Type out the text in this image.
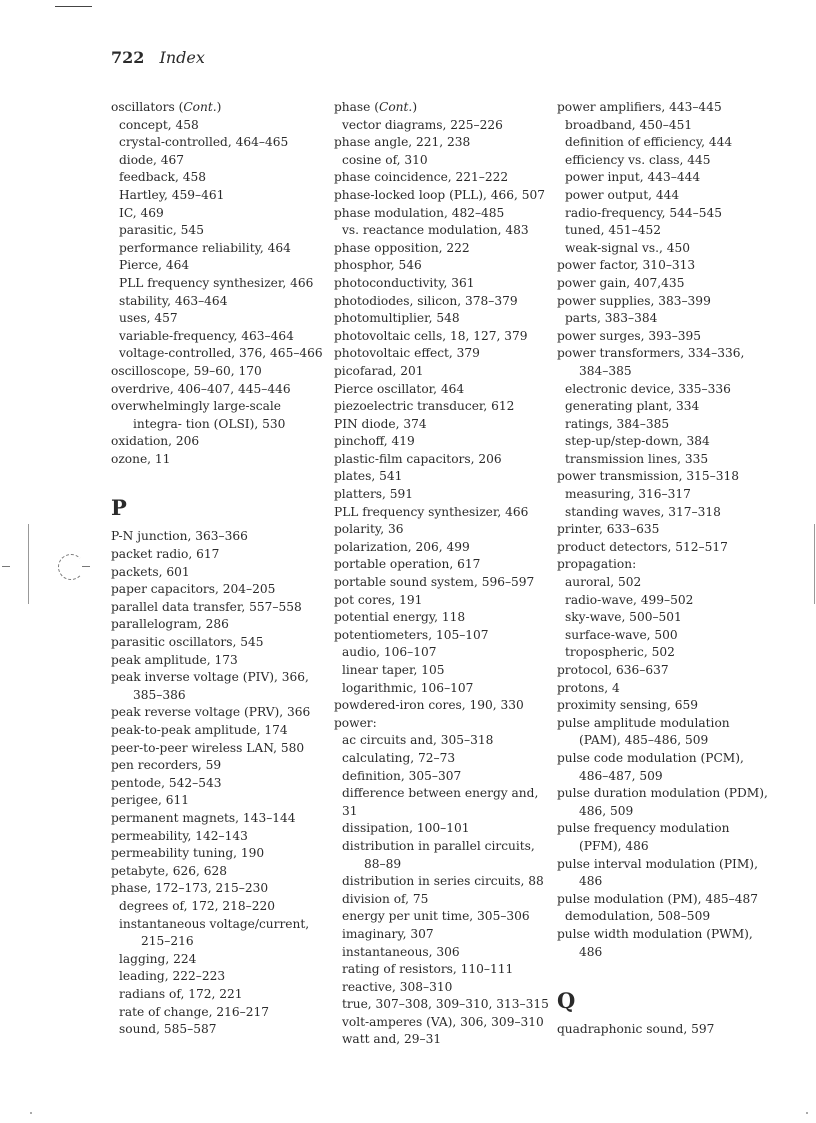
722 Index

oscillators (Cont.)

concept, 458

crystal-controlled, 464–465

diode, 467

feedback, 458

Hartley, 459–461

IC, 469

parasitic, 545

performance reliability, 464

Pierce, 464

PLL frequency synthesizer, 466

stability, 463–464

uses, 457

variable-frequency, 463–464

voltage-controlled, 376, 465–466

oscilloscope, 59–60, 170

overdrive, 406–407, 445–446

overwhelmingly large-scale integra- tion (OLSI), 530

oxidation, 206

ozone, 11

P

P-N junction, 363–366

packet radio, 617

packets, 601

paper capacitors, 204–205

parallel data transfer, 557–558

parallelogram, 286

parasitic oscillators, 545

peak amplitude, 173

peak inverse voltage (PIV), 366, 385–386

peak reverse voltage (PRV), 366

peak-to-peak amplitude, 174

peer-to-peer wireless LAN, 580

pen recorders, 59

pentode, 542–543

perigee, 611

permanent magnets, 143–144

permeability, 142–143

permeability tuning, 190

petabyte, 626, 628

phase, 172–173, 215–230

degrees of, 172, 218–220

instantaneous voltage/current, 215–216

lagging, 224

leading, 222–223

radians of, 172, 221

rate of change, 216–217

sound, 585–587

phase (Cont.)

vector diagrams, 225–226

phase angle, 221, 238

cosine of, 310

phase coincidence, 221–222

phase-locked loop (PLL), 466, 507

phase modulation, 482–485

vs. reactance modulation, 483

phase opposition, 222

phosphor, 546

photoconductivity, 361

photodiodes, silicon, 378–379

photomultiplier, 548

photovoltaic cells, 18, 127, 379

photovoltaic effect, 379

picofarad, 201

Pierce oscillator, 464

piezoelectric transducer, 612

PIN diode, 374

pinchoff, 419

plastic-film capacitors, 206

plates, 541

platters, 591

PLL frequency synthesizer, 466

polarity, 36

polarization, 206, 499

portable operation, 617

portable sound system, 596–597

pot cores, 191

potential energy, 118

potentiometers, 105–107

audio, 106–107

linear taper, 105

logarithmic, 106–107

powdered-iron cores, 190, 330

power:

ac circuits and, 305–318

calculating, 72–73

definition, 305–307

difference between energy and, 31

dissipation, 100–101

distribution in parallel circuits, 88–89

distribution in series circuits, 88

division of, 75

energy per unit time, 305–306

imaginary, 307

instantaneous, 306

rating of resistors, 110–111

reactive, 308–310

true, 307–308, 309–310, 313–315

volt-amperes (VA), 306, 309–310

watt and, 29–31

power amplifiers, 443–445

broadband, 450–451

definition of efficiency, 444

efficiency vs. class, 445

power input, 443–444

power output, 444

radio-frequency, 544–545

tuned, 451–452

weak-signal vs., 450

power factor, 310–313

power gain, 407,435

power supplies, 383–399

parts, 383–384

power surges, 393–395

power transformers, 334–336, 384–385

electronic device, 335–336

generating plant, 334

ratings, 384–385

step-up/step-down, 384

transmission lines, 335

power transmission, 315–318

measuring, 316–317

standing waves, 317–318

printer, 633–635

product detectors, 512–517

propagation:

auroral, 502

radio-wave, 499–502

sky-wave, 500–501

surface-wave, 500

tropospheric, 502

protocol, 636–637

protons, 4

proximity sensing, 659

pulse amplitude modulation (PAM), 485–486, 509

pulse code modulation (PCM), 486–487, 509

pulse duration modulation (PDM), 486, 509

pulse frequency modulation (PFM), 486

pulse interval modulation (PIM), 486

pulse modulation (PM), 485–487

demodulation, 508–509

pulse width modulation (PWM), 486

Q

quadraphonic sound, 597
